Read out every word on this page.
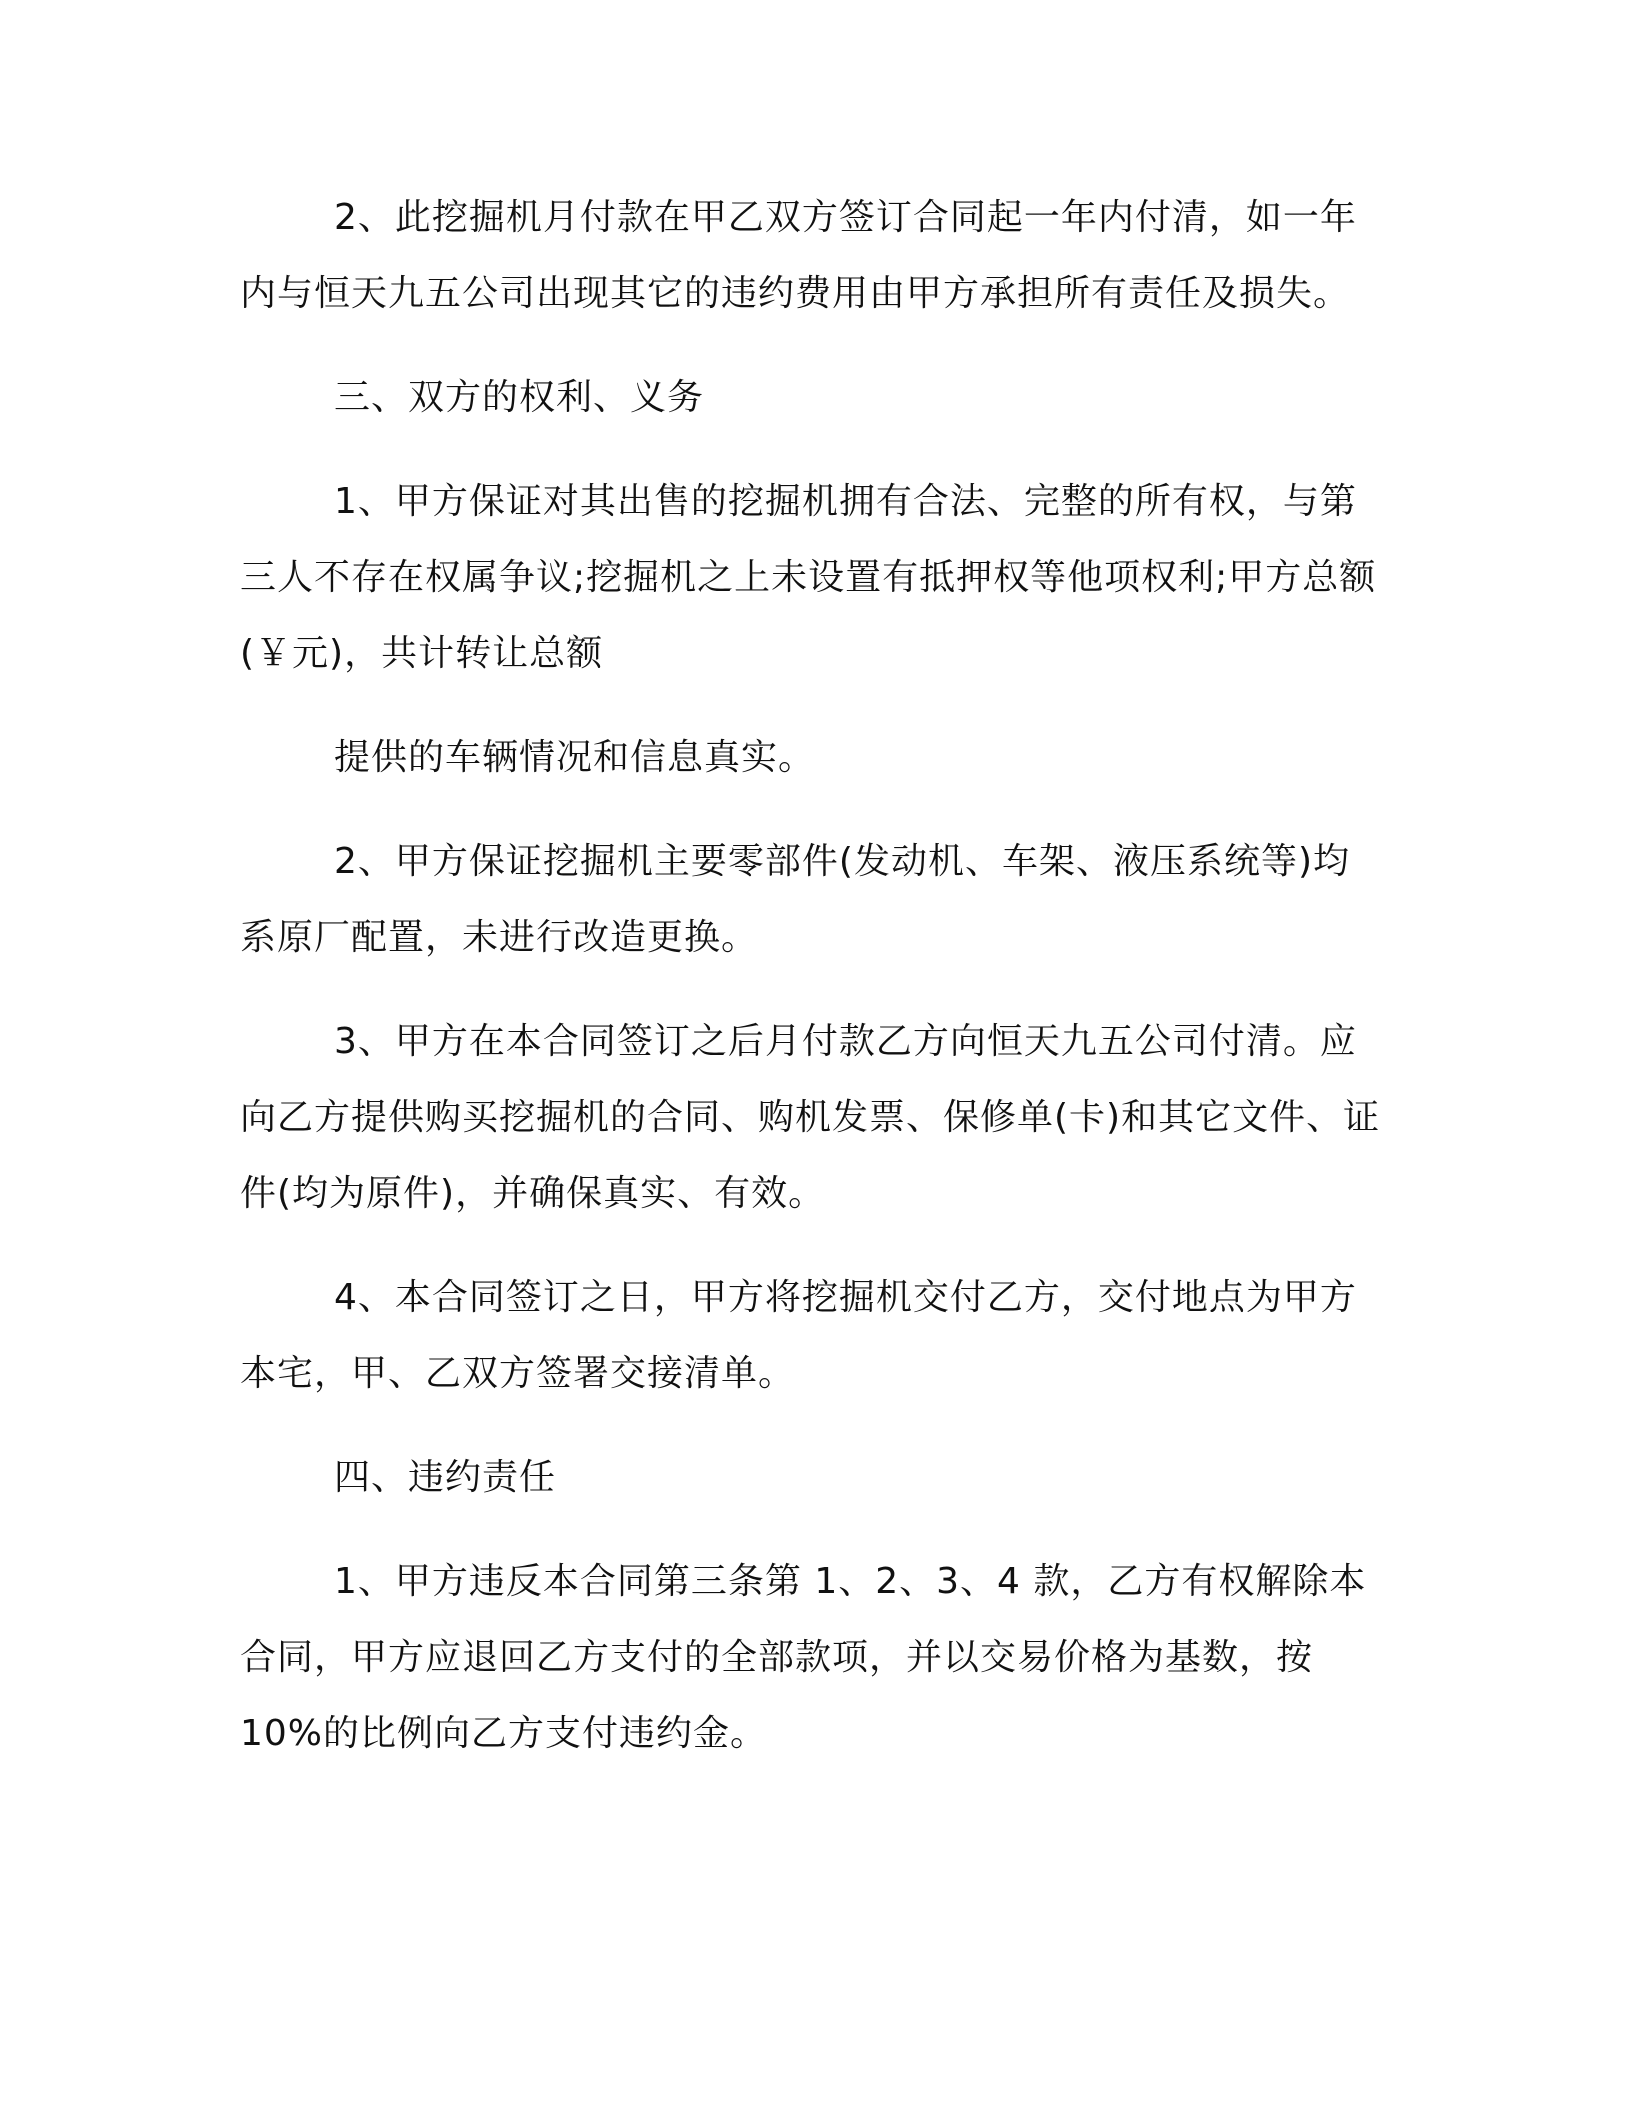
2、此挖掘机月付款在甲乙双方签订合同起一年内付清，如一年
内与恒天九五公司出现其它的违约费用由甲方承担所有责任及损失。
三、双方的权利、义务
1、甲方保证对其出售的挖掘机拥有合法、完整的所有权，与第
三人不存在权属争议;挖掘机之上未设置有抵押权等他项权利;甲方总额
(￥元)，共计转让总额
提供的车辆情况和信息真实。
2、甲方保证挖掘机主要零部件(发动机、车架、液压系统等)均
系原厂配置，未进行改造更换。
3、甲方在本合同签订之后月付款乙方向恒天九五公司付清。应
向乙方提供购买挖掘机的合同、购机发票、保修单(卡)和其它文件、证
件(均为原件)，并确保真实、有效。
4、本合同签订之日，甲方将挖掘机交付乙方，交付地点为甲方
本宅，甲、乙双方签署交接清单。
四、违约责任
1、甲方违反本合同第三条第 1、2、3、4 款，乙方有权解除本
合同，甲方应退回乙方支付的全部款项，并以交易价格为基数，按
10%的比例向乙方支付违约金。
